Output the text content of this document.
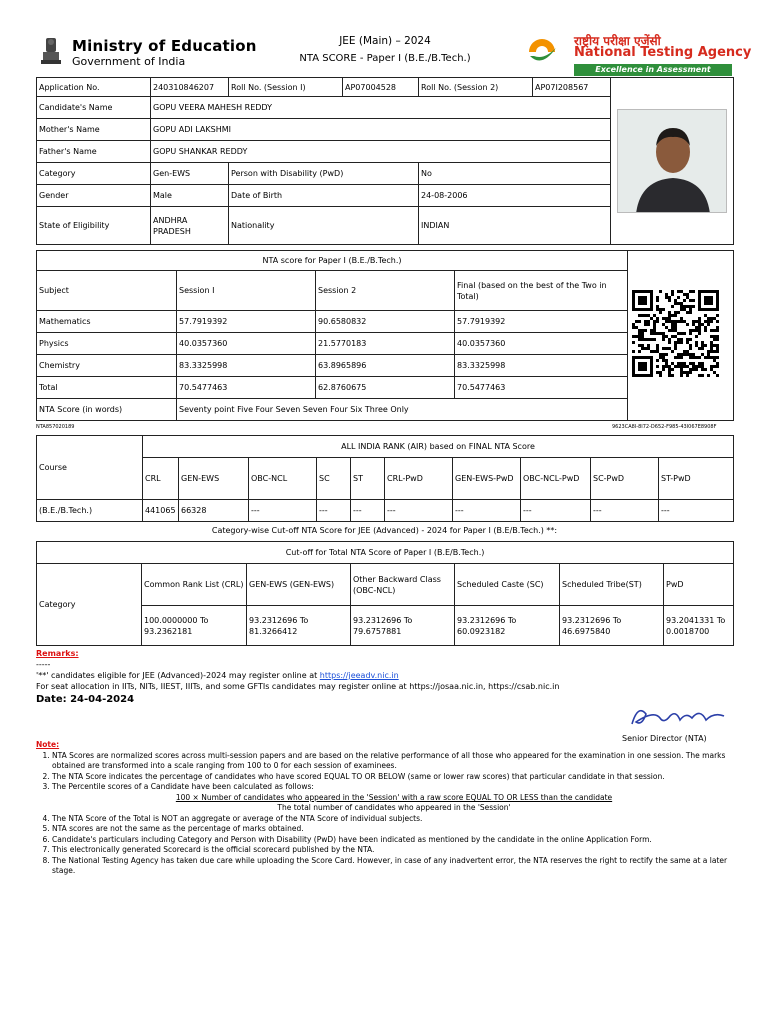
Ministry of Education
Government of India
JEE (Main) – 2024
NTA SCORE - Paper I (B.E./B.Tech.)
राष्ट्रीय परीक्षा एजेंसी
National Testing Agency
Excellence in Assessment
Application No.	240310846207	Roll No. (Session I)	AP07004528	Roll No. (Session 2)	AP07I208567	

Candidate's Name	GOPU VEERA MAHESH REDDY					
Mother's Name	GOPU ADI LAKSHMI					
Father's Name	GOPU SHANKAR REDDY					
Category	Gen-EWS	Person with Disability (PwD)		No		
Gender	Male	Date of Birth		24-08-2006		
State of Eligibility	ANDHRA PRADESH	Nationality		INDIAN		
NTA score for Paper I (B.E./B.Tech.)	
Subject	Session I	Session 2	Final (based on the best of the Two in Total)	
Mathematics	57.7919392	90.6580832	57.7919392	
Physics	40.0357360	21.5770183	40.0357360	
Chemistry	83.3325998	63.8965896	83.3325998	
Total	70.5477463	62.8760675	70.5477463	
NTA Score (in words)	Seventy point Five Four Seven Seven Four Six Three Only			
NTA857020189	9623CA8I-8I72-D652-F985-43I067E8908F
Course	ALL INDIA RANK (AIR) based on FINAL NTA Score									
	CRL	GEN-EWS	OBC-NCL	SC	ST	CRL-PwD	GEN-EWS-PwD	OBC-NCL-PwD	SC-PwD	ST-PwD
(B.E./B.Tech.)	441065	66328	---	---	---	---	---	---	---	---
Category-wise Cut-off NTA Score for JEE (Advanced) - 2024 for Paper I (B.E/B.Tech.) **:
Cut-off for Total NTA Score of Paper I (B.E/B.Tech.)						
Category	Common Rank List (CRL)	GEN-EWS (GEN-EWS)	Other Backward Class (OBC-NCL)	Scheduled Caste (SC)	Scheduled Tribe(ST)	PwD
	100.0000000 To 93.2362181	93.2312696 To 81.3266412	93.2312696 To 79.6757881	93.2312696 To 60.0923182	93.2312696 To 46.6975840	93.2041331 To 0.0018700
Remarks:
-----
'**' candidates eligible for JEE (Advanced)-2024 may register online at https://jeeadv.nic.in
For seat allocation in IITs, NITs, IIEST, IIITs, and some GFTIs candidates may register online at https://josaa.nic.in, https://csab.nic.in
Date: 24-04-2024
Senior Director (NTA)
Note:
1. NTA Scores are normalized scores across multi-session papers and are based on the relative performance of all those who appeared for the examination in one session. The marks obtained are transformed into a scale ranging from 100 to 0 for each session of examinees.
2. The NTA Score indicates the percentage of candidates who have scored EQUAL TO OR BELOW (same or lower raw scores) that particular candidate in that session.
3. The Percentile scores of a Candidate have been calculated as follows:
100 × Number of candidates who appeared in the 'Session' with a raw score EQUAL TO OR LESS than the candidate
The total number of candidates who appeared in the 'Session'
4. The NTA Score of the Total is NOT an aggregate or average of the NTA Score of individual subjects.
5. NTA scores are not the same as the percentage of marks obtained.
6. Candidate's particulars including Category and Person with Disability (PwD) have been indicated as mentioned by the candidate in the online Application Form.
7. This electronically generated Scorecard is the official scorecard published by the NTA.
8. The National Testing Agency has taken due care while uploading the Score Card. However, in case of any inadvertent error, the NTA reserves the right to rectify the same at a later stage.
